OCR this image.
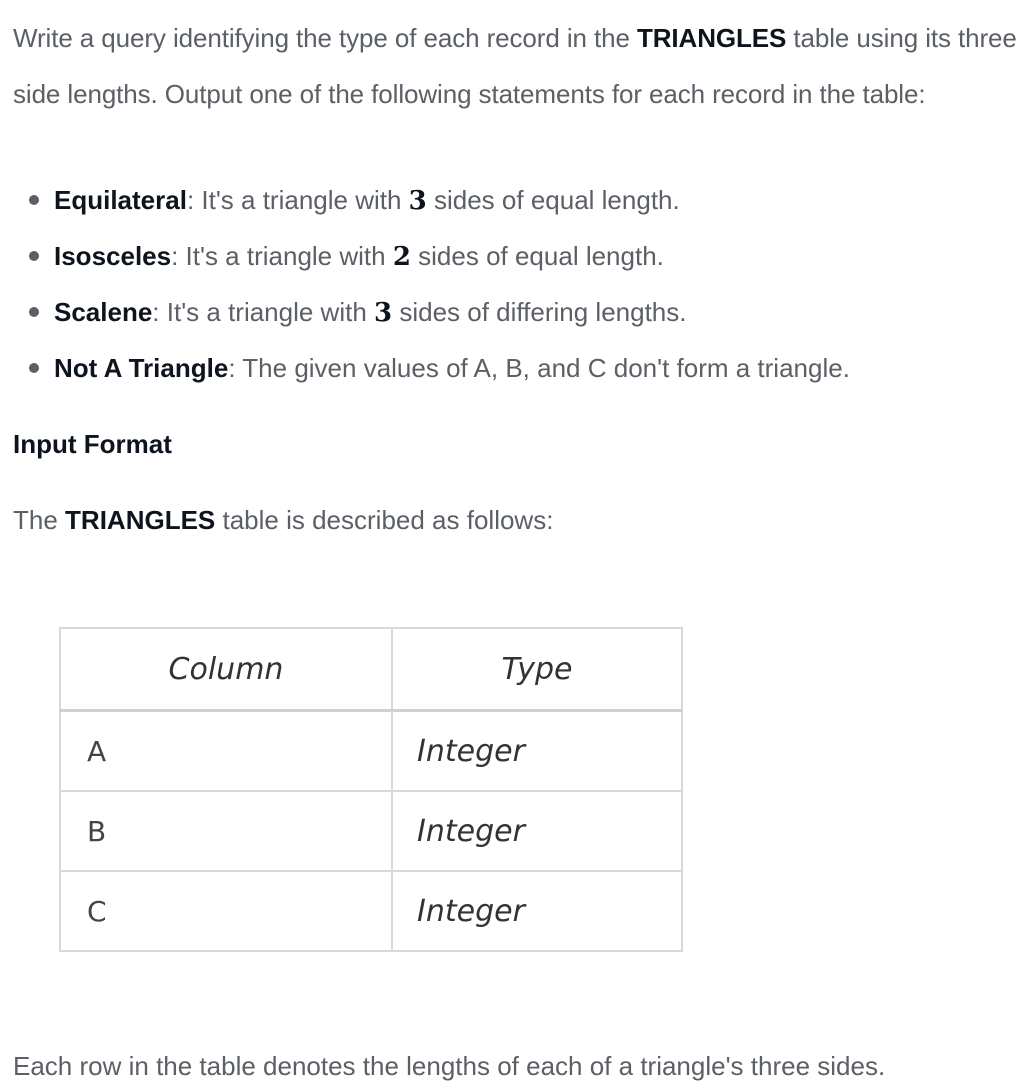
Write a query identifying the type of each record in the TRIANGLES table using its three side lengths. Output one of the following statements for each record in the table:

Equilateral: It's a triangle with 3 sides of equal length.
Isosceles: It's a triangle with 2 sides of equal length.
Scalene: It's a triangle with 3 sides of differing lengths.
Not A Triangle: The given values of A, B, and C don't form a triangle.
Input Format

The TRIANGLES table is described as follows:

Column	Type
A	Integer
B	Integer
C	Integer

Each row in the table denotes the lengths of each of a triangle's three sides.
